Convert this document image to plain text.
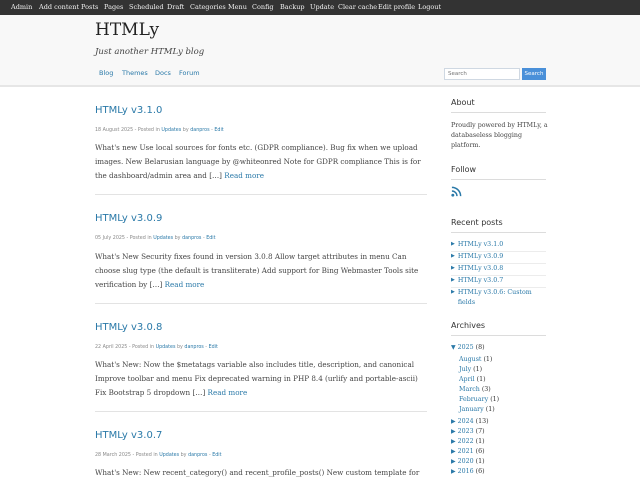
Admin Add content Posts Pages Scheduled Draft Categories Menu Config Backup Update Clear cache Edit profile Logout
HTMLy
Just another HTMLy blog
Blog Themes Docs Forum
Search	Search
HTMLy v3.1.0
18 August 2025 - Posted in Updates by danpros - Edit
What's new Use local sources for fonts etc. (GDPR compliance). Bug fix when we upload images. New Belarusian language by @whiteonred Note for GDPR compliance This is for the dashboard/admin area and […] Read more
HTMLy v3.0.9
05 July 2025 - Posted in Updates by danpros - Edit
What's New Security fixes found in version 3.0.8 Allow target attributes in menu Can choose slug type (the default is transliterate) Add support for Bing Webmaster Tools site verification by […] Read more
HTMLy v3.0.8
22 April 2025 - Posted in Updates by danpros - Edit
What's New: Now the $metatags variable also includes title, description, and canonical Improve toolbar and menu Fix deprecated warning in PHP 8.4 (urlify and portable-ascii) Fix Bootstrap 5 dropdown […] Read more
HTMLy v3.0.7
28 March 2025 - Posted in Updates by danpros - Edit
What's New: New recent_category() and recent_profile_posts() New custom template for
About
Proudly powered by HTMLy, a databaseless blogging platform.
Follow
Recent posts
▶ HTMLy v3.1.0
▶ HTMLy v3.0.9
▶ HTMLy v3.0.8
▶ HTMLy v3.0.7
▶ HTMLy v3.0.6: Custom fields
Archives
▼ 2025 (8)
August (1)
July (1)
April (1)
March (3)
February (1)
January (1)
▶ 2024 (13)
▶ 2023 (7)
▶ 2022 (1)
▶ 2021 (6)
▶ 2020 (1)
▶ 2016 (6)
